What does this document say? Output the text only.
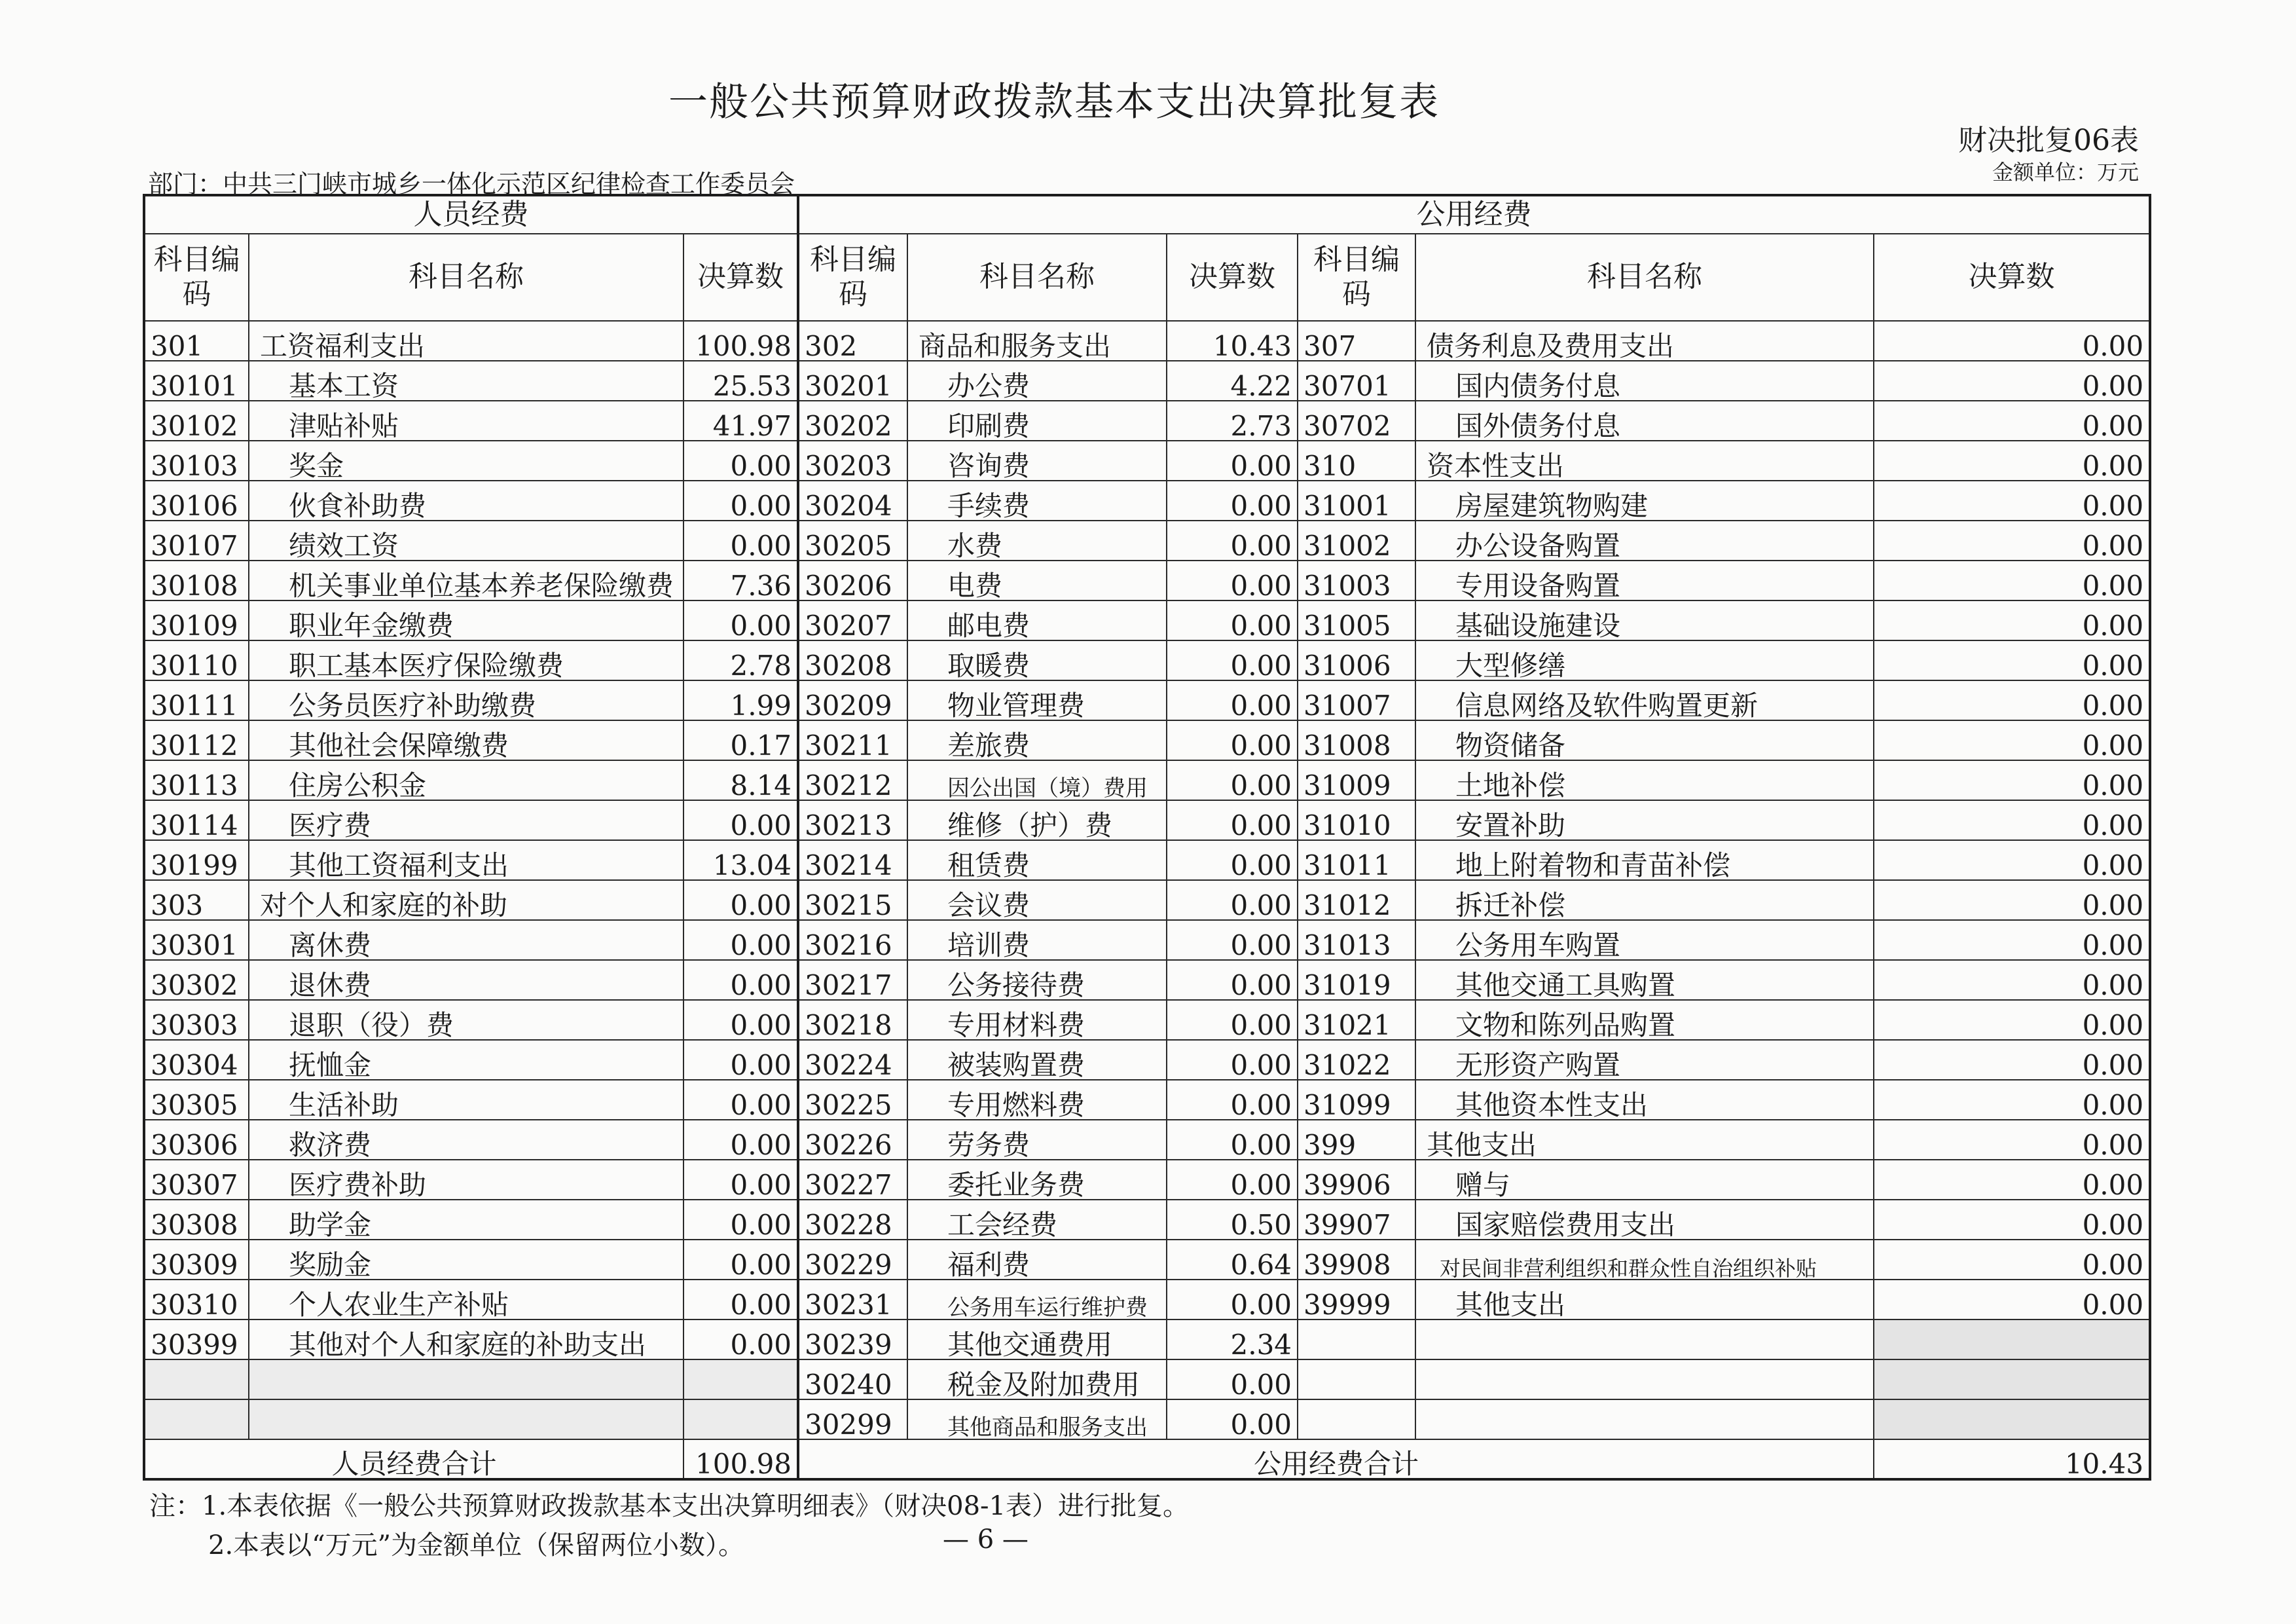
一般公共预算财政拨款基本支出决算批复表
财决批复06表
金额单位：万元
部门：中共三门峡市城乡一体化示范区纪律检查工作委员会
人员经费			公用经费					
科目编码	科目名称	决算数	科目编码	科目名称	决算数	科目编码	科目名称	决算数
301	工资福利支出	100.98	302	商品和服务支出	10.43	307	债务利息及费用支出	0.00
30101	基本工资	25.53	30201	办公费	4.22	30701	国内债务付息	0.00
30102	津贴补贴	41.97	30202	印刷费	2.73	30702	国外债务付息	0.00
30103	奖金	0.00	30203	咨询费	0.00	310	资本性支出	0.00
30106	伙食补助费	0.00	30204	手续费	0.00	31001	房屋建筑物购建	0.00
30107	绩效工资	0.00	30205	水费	0.00	31002	办公设备购置	0.00
30108	机关事业单位基本养老保险缴费	7.36	30206	电费	0.00	31003	专用设备购置	0.00
30109	职业年金缴费	0.00	30207	邮电费	0.00	31005	基础设施建设	0.00
30110	职工基本医疗保险缴费	2.78	30208	取暖费	0.00	31006	大型修缮	0.00
30111	公务员医疗补助缴费	1.99	30209	物业管理费	0.00	31007	信息网络及软件购置更新	0.00
30112	其他社会保障缴费	0.17	30211	差旅费	0.00	31008	物资储备	0.00
30113	住房公积金	8.14	30212	因公出国（境）费用	0.00	31009	土地补偿	0.00
30114	医疗费	0.00	30213	维修（护）费	0.00	31010	安置补助	0.00
30199	其他工资福利支出	13.04	30214	租赁费	0.00	31011	地上附着物和青苗补偿	0.00
303	对个人和家庭的补助	0.00	30215	会议费	0.00	31012	拆迁补偿	0.00
30301	离休费	0.00	30216	培训费	0.00	31013	公务用车购置	0.00
30302	退休费	0.00	30217	公务接待费	0.00	31019	其他交通工具购置	0.00
30303	退职（役）费	0.00	30218	专用材料费	0.00	31021	文物和陈列品购置	0.00
30304	抚恤金	0.00	30224	被装购置费	0.00	31022	无形资产购置	0.00
30305	生活补助	0.00	30225	专用燃料费	0.00	31099	其他资本性支出	0.00
30306	救济费	0.00	30226	劳务费	0.00	399	其他支出	0.00
30307	医疗费补助	0.00	30227	委托业务费	0.00	39906	赠与	0.00
30308	助学金	0.00	30228	工会经费	0.50	39907	国家赔偿费用支出	0.00
30309	奖励金	0.00	30229	福利费	0.64	39908	对民间非营利组织和群众性自治组织补贴	0.00
30310	个人农业生产补贴	0.00	30231	公务用车运行维护费	0.00	39999	其他支出	0.00
30399	其他对个人和家庭的补助支出	0.00	30239	其他交通费用	2.34			
			30240	税金及附加费用	0.00			
			30299	其他商品和服务支出	0.00			
人员经费合计		100.98	公用经费合计					10.43
注：1.本表依据《一般公共预算财政拨款基本支出决算明细表》（财决08-1表）进行批复。
2.本表以“万元”为金额单位（保留两位小数）。	— 6 —
